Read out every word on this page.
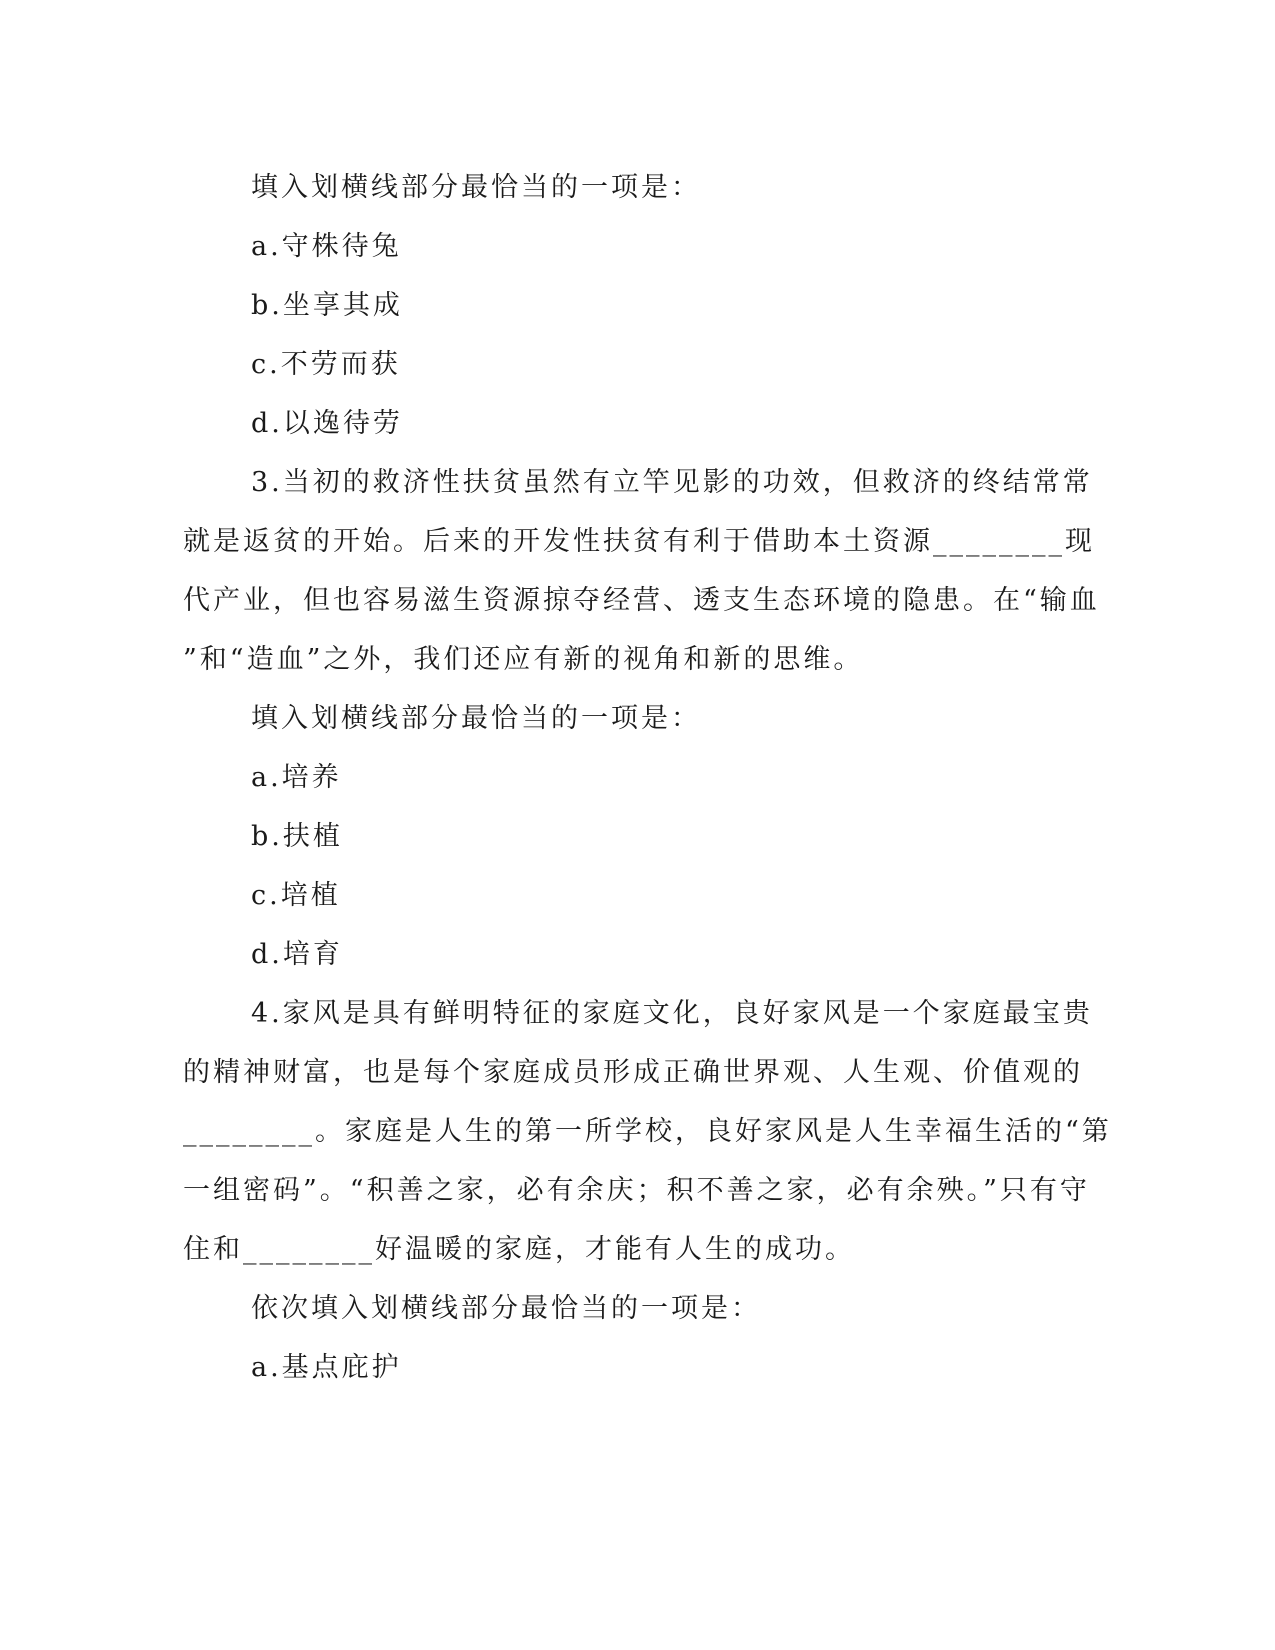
填入划横线部分最恰当的一项是：
a.守株待兔
b.坐享其成
c.不劳而获
d.以逸待劳
3.当初的救济性扶贫虽然有立竿见影的功效，但救济的终结常常
就是返贫的开始。后来的开发性扶贫有利于借助本土资源________现
代产业，但也容易滋生资源掠夺经营、透支生态环境的隐患。在“输血
”和“造血”之外，我们还应有新的视角和新的思维。
填入划横线部分最恰当的一项是：
a.培养
b.扶植
c.培植
d.培育
4.家风是具有鲜明特征的家庭文化，良好家风是一个家庭最宝贵
的精神财富，也是每个家庭成员形成正确世界观、人生观、价值观的
________。家庭是人生的第一所学校，良好家风是人生幸福生活的“第
一组密码”。“积善之家，必有余庆；积不善之家，必有余殃。”只有守
住和________好温暖的家庭，才能有人生的成功。
依次填入划横线部分最恰当的一项是：
a.基点庇护
